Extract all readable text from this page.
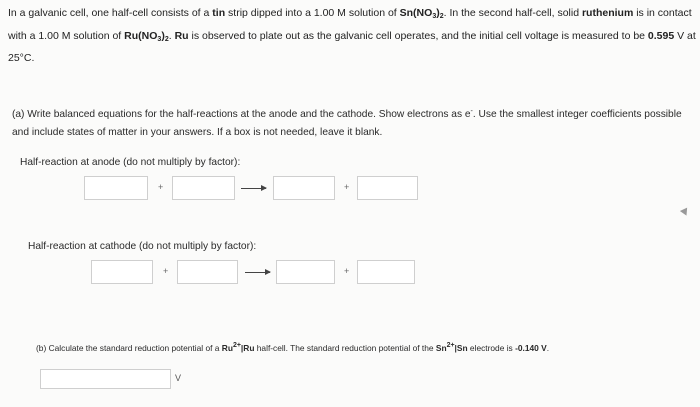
In a galvanic cell, one half-cell consists of a tin strip dipped into a 1.00 M solution of $Sn(NO_3)_2$. In the second half-cell, solid ruthenium is in contact with a 1.00 M solution of $Ru(NO_3)_2$. Ru is observed to plate out as the galvanic cell operates, and the initial cell voltage is measured to be 0.595 V at 25°C.
(a) Write balanced equations for the half-reactions at the anode and the cathode. Show electrons as e-. Use the smallest integer coefficients possible and include states of matter in your answers. If a box is not needed, leave it blank.
Half-reaction at anode (do not multiply by factor):
+	+
Half-reaction at cathode (do not multiply by factor):
+	+
(b) Calculate the standard reduction potential of a $Ru^{2+}|Ru$ half-cell. The standard reduction potential of the $Sn^{2+}|Sn$ electrode is -0.140 V.
V
